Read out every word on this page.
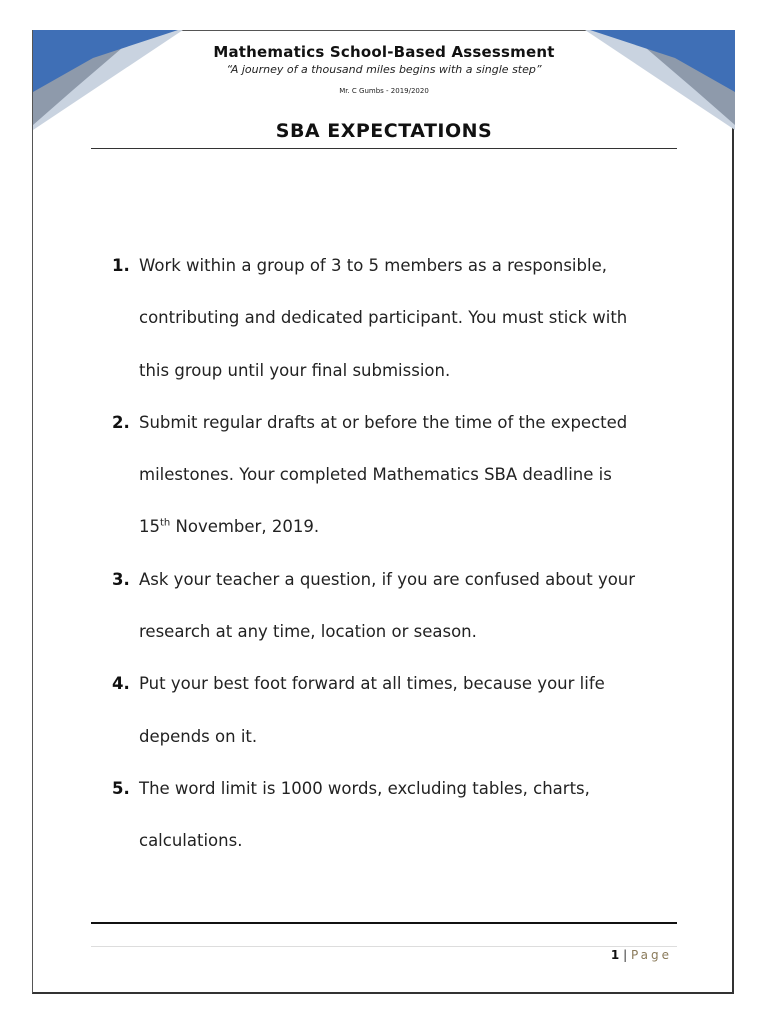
Mathematics School-Based Assessment
“A journey of a thousand miles begins with a single step”
Mr. C Gumbs - 2019/2020
SBA EXPECTATIONS
1. Work within a group of 3 to 5 members as a responsible,
contributing and dedicated participant. You must stick with
this group until your final submission.
2. Submit regular drafts at or before the time of the expected
milestones. Your completed Mathematics SBA deadline is
15th November, 2019.
3. Ask your teacher a question, if you are confused about your
research at any time, location or season.
4. Put your best foot forward at all times, because your life
depends on it.
5. The word limit is 1000 words, excluding tables, charts,
calculations.
1 | Page
